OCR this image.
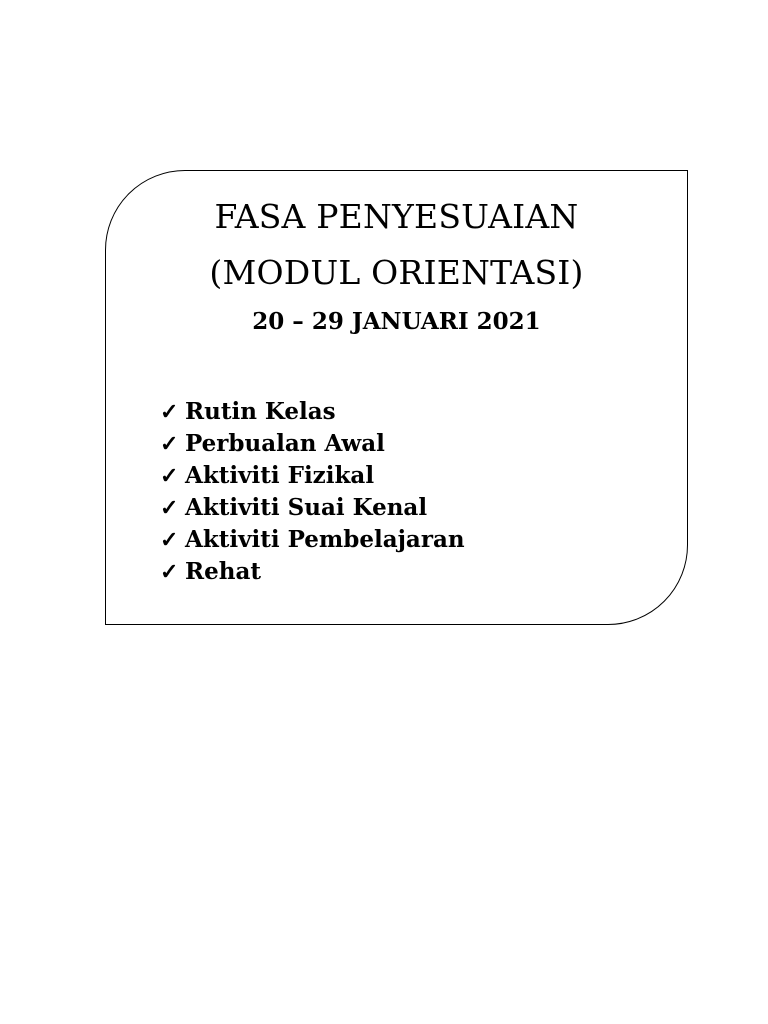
FASA PENYESUAIAN
(MODUL ORIENTASI)
20 – 29 JANUARI 2021
✓ Rutin Kelas
✓ Perbualan Awal
✓ Aktiviti Fizikal
✓ Aktiviti Suai Kenal
✓ Aktiviti Pembelajaran
✓ Rehat
